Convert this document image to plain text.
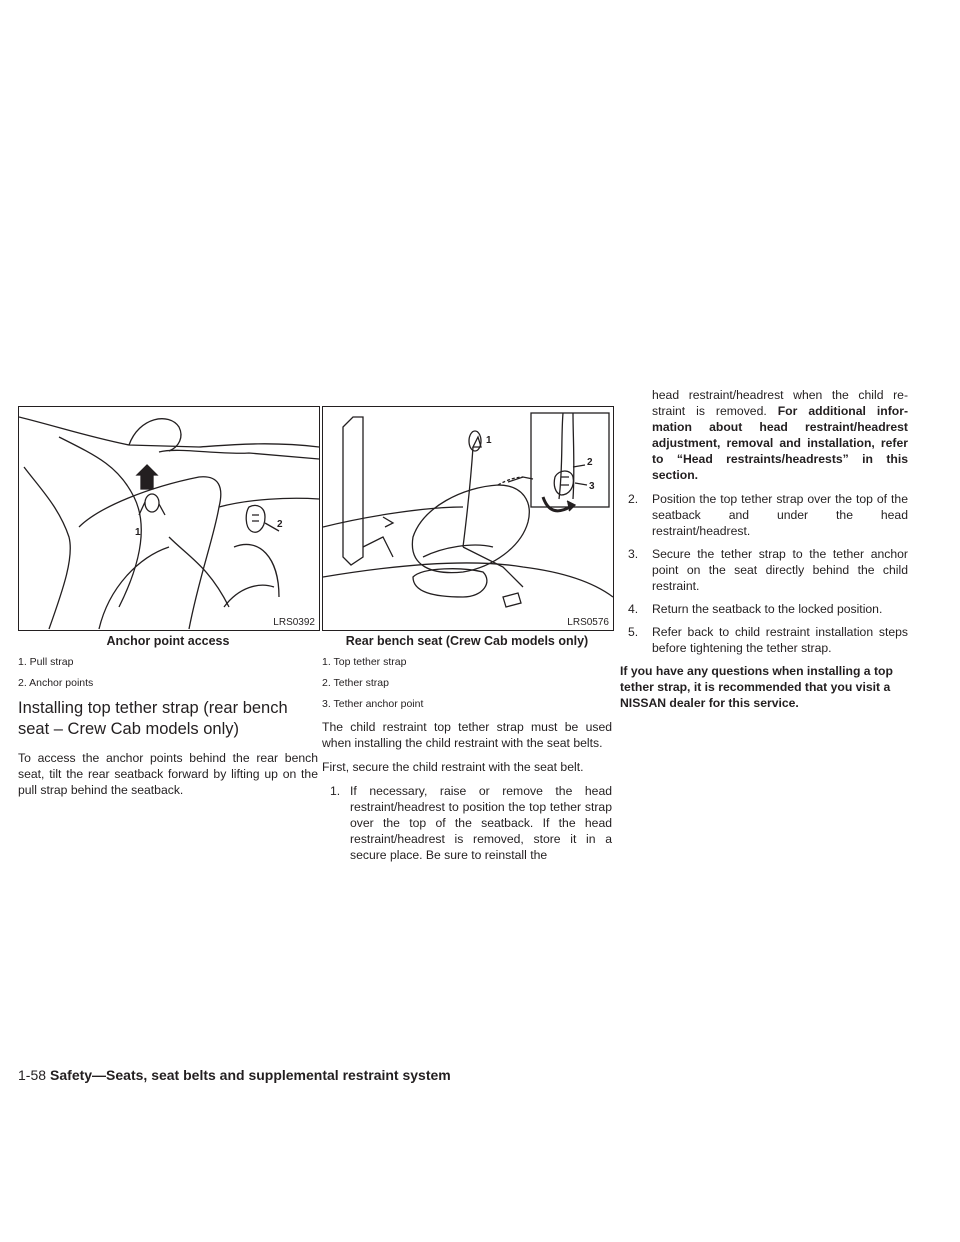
1
2
LRS0392
Anchor point access
1. Pull strap
2. Anchor points
Installing top tether strap (rear bench seat – Crew Cab models only)

To access the anchor points behind the rear bench seat, tilt the rear seatback forward by lifting up on the pull strap behind the seatback.

1
2
3
LRS0576
Rear bench seat (Crew Cab models only)
1. Top tether strap
2. Tether strap
3. Tether anchor point

The child restraint top tether strap must be used when installing the child restraint with the seat belts.

First, secure the child restraint with the seat belt.

1. If necessary, raise or remove the head restraint/headrest to position the top tether strap over the top of the seatback. If the head restraint/headrest is removed, store it in a secure place. Be sure to reinstall the
head restraint/headrest when the child re-straint is removed. For additional infor-mation about head restraint/headrest adjustment, removal and installation, refer to “Head restraints/headrests” in this section.
2. Position the top tether strap over the top of the seatback and under the head restraint/headrest.
3. Secure the tether strap to the tether anchor point on the seat directly behind the child restraint.
4. Return the seatback to the locked position.
5. Refer back to child restraint installation steps before tightening the tether strap.

If you have any questions when installing a top tether strap, it is recommended that you visit a NISSAN dealer for this service.

1-58 Safety—Seats, seat belts and supplemental restraint system
